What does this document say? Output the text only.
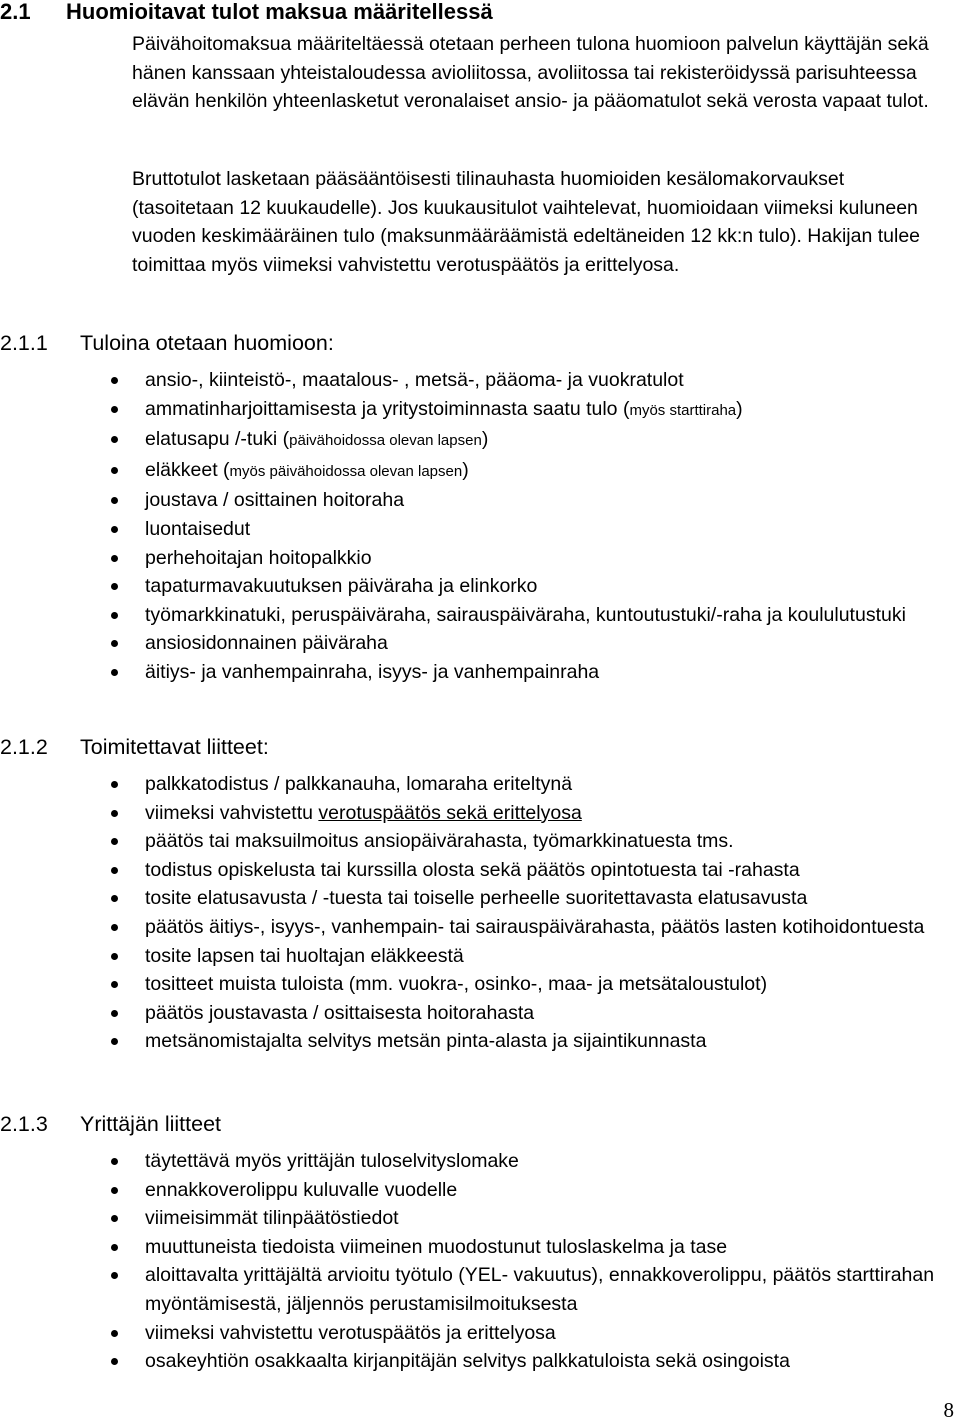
2.1 Huomioitavat tulot maksua määritellessä

Päivähoitomaksua määriteltäessä otetaan perheen tulona huomioon palvelun käyttäjän sekä hänen kanssaan yhteistaloudessa avioliitossa, avoliitossa tai rekisteröidyssä parisuhteessa elävän henkilön yhteenlasketut veronalaiset ansio- ja pääomatulot sekä verosta vapaat tulot.

Bruttotulot lasketaan pääsääntöisesti tilinauhasta huomioiden kesälomakorvaukset (tasoitetaan 12 kuukaudelle). Jos kuukausitulot vaihtelevat, huomioidaan viimeksi kuluneen vuoden keskimääräinen tulo (maksunmääräämistä edeltäneiden 12 kk:n tulo). Hakijan tulee toimittaa myös viimeksi vahvistettu verotuspäätös ja erittelyosa.

2.1.1 Tuloina otetaan huomioon:
ansio-, kiinteistö-, maatalous- , metsä-, pääoma- ja vuokratulot
ammatinharjoittamisesta ja yritystoiminnasta saatu tulo (myös starttiraha)
elatusapu /-tuki (päivähoidossa olevan lapsen)
eläkkeet (myös päivähoidossa olevan lapsen)
joustava / osittainen hoitoraha
luontaisedut
perhehoitajan hoitopalkkio
tapaturmavakuutuksen päiväraha ja elinkorko
työmarkkinatuki, peruspäiväraha, sairauspäiväraha, kuntoutustuki/-raha ja koululutustuki
ansiosidonnainen päiväraha
äitiys- ja vanhempainraha, isyys- ja vanhempainraha
2.1.2 Toimitettavat liitteet:
palkkatodistus / palkkanauha, lomaraha eriteltynä
viimeksi vahvistettu verotuspäätös sekä erittelyosa
päätös tai maksuilmoitus ansiopäivärahasta, työmarkkinatuesta tms.
todistus opiskelusta tai kurssilla olosta sekä päätös opintotuesta tai -rahasta
tosite elatusavusta / -tuesta tai toiselle perheelle suoritettavasta elatusavusta
päätös äitiys-, isyys-, vanhempain- tai sairauspäivärahasta, päätös lasten kotihoidontuesta
tosite lapsen tai huoltajan eläkkeestä
tositteet muista tuloista (mm. vuokra-, osinko-, maa- ja metsätaloustulot)
päätös joustavasta / osittaisesta hoitorahasta
metsänomistajalta selvitys metsän pinta-alasta ja sijaintikunnasta
2.1.3 Yrittäjän liitteet
täytettävä myös yrittäjän tuloselvityslomake
ennakkoverolippu kuluvalle vuodelle
viimeisimmät tilinpäätöstiedot
muuttuneista tiedoista viimeinen muodostunut tuloslaskelma ja tase
aloittavalta yrittäjältä arvioitu työtulo (YEL- vakuutus), ennakkoverolippu, päätös starttirahan myöntämisestä, jäljennös perustamisilmoituksesta
viimeksi vahvistettu verotuspäätös ja erittelyosa
osakeyhtiön osakkaalta kirjanpitäjän selvitys palkkatuloista sekä osingoista
8
